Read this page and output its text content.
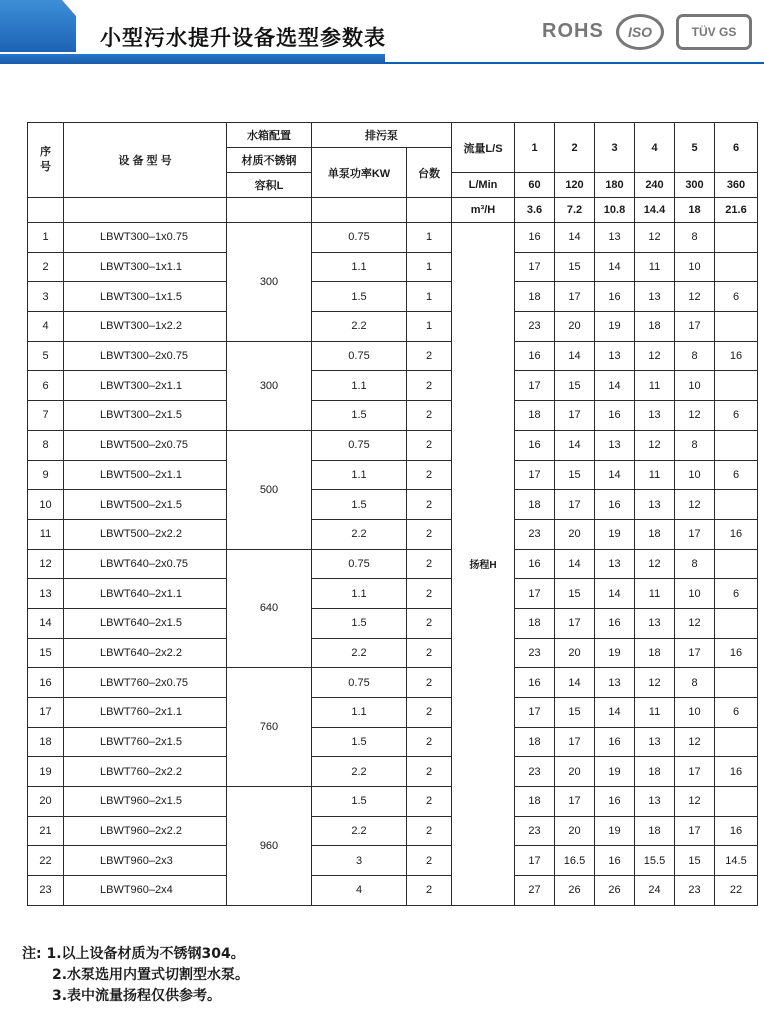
小型污水提升设备选型参数表	ROHS	ISO	TÜV GS
序号	设 备 型 号	水箱配置	排污泵		流量L/S	1	2	3	4	5	6
		材质不锈钢	单泵功率KW	台数							
		容积L			L/Min	60	120	180	240	300	360
					m³/H	3.6	7.2	10.8	14.4	18	21.6
1	LBWT300–1x0.75	300	0.75	1	扬程H	16	14	13	12	8	
2	LBWT300–1x1.1		1.1	1		17	15	14	11	10	
3	LBWT300–1x1.5		1.5	1		18	17	16	13	12	6
4	LBWT300–1x2.2		2.2	1		23	20	19	18	17	
5	LBWT300–2x0.75	300	0.75	2		16	14	13	12	8	16
6	LBWT300–2x1.1		1.1	2		17	15	14	11	10	
7	LBWT300–2x1.5		1.5	2		18	17	16	13	12	6
8	LBWT500–2x0.75	500	0.75	2		16	14	13	12	8	
9	LBWT500–2x1.1		1.1	2		17	15	14	11	10	6
10	LBWT500–2x1.5		1.5	2		18	17	16	13	12	
11	LBWT500–2x2.2		2.2	2		23	20	19	18	17	16
12	LBWT640–2x0.75	640	0.75	2		16	14	13	12	8	
13	LBWT640–2x1.1		1.1	2		17	15	14	11	10	6
14	LBWT640–2x1.5		1.5	2		18	17	16	13	12	
15	LBWT640–2x2.2		2.2	2		23	20	19	18	17	16
16	LBWT760–2x0.75	760	0.75	2		16	14	13	12	8	
17	LBWT760–2x1.1		1.1	2		17	15	14	11	10	6
18	LBWT760–2x1.5		1.5	2		18	17	16	13	12	
19	LBWT760–2x2.2		2.2	2		23	20	19	18	17	16
20	LBWT960–2x1.5	960	1.5	2		18	17	16	13	12	
21	LBWT960–2x2.2		2.2	2		23	20	19	18	17	16
22	LBWT960–2x3		3	2		17	16.5	16	15.5	15	14.5
23	LBWT960–2x4		4	2		27	26	26	24	23	22
注: 1.以上设备材质为不锈钢304。
2.水泵选用内置式切割型水泵。
3.表中流量扬程仅供参考。
